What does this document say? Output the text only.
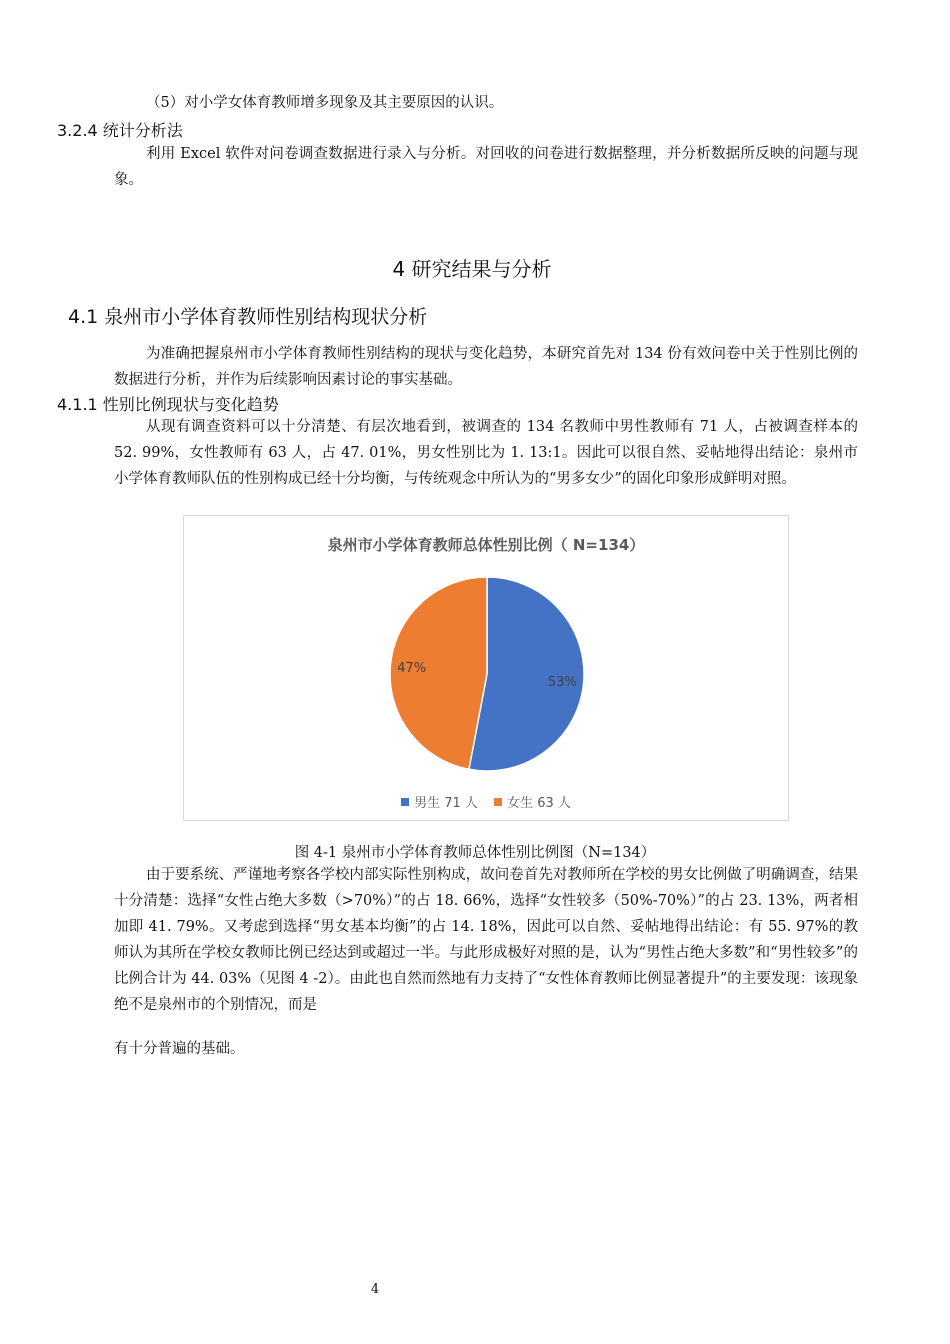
（5）对小学女体育教师增多现象及其主要原因的认识。

3.2.4 统计分析法

利用 Excel 软件对问卷调查数据进行录入与分析。对回收的问卷进行数据整理，并分析数据所反映的问题与现象。

4 研究结果与分析

4.1 泉州市小学体育教师性别结构现状分析

为准确把握泉州市小学体育教师性别结构的现状与变化趋势，本研究首先对 134 份有效问卷中关于性别比例的数据进行分析，并作为后续影响因素讨论的事实基础。

4.1.1 性别比例现状与变化趋势

从现有调查资料可以十分清楚、有层次地看到，被调查的 134 名教师中男性教师有 71 人，占被调查样本的 52. 99%，女性教师有 63 人，占 47. 01%，男女性别比为 1. 13:1。因此可以很自然、妥帖地得出结论：泉州市小学体育教师队伍的性别构成已经十分均衡，与传统观念中所认为的“男多女少”的固化印象形成鲜明对照。

泉州市小学体育教师总体性别比例（ N=134）
53%
47%
男生 71 人 女生 63 人

图 4-1 泉州市小学体育教师总体性别比例图（N=134）

由于要系统、严谨地考察各学校内部实际性别构成，故问卷首先对教师所在学校的男女比例做了明确调查，结果十分清楚：选择“女性占绝大多数（>70%）”的占 18. 66%，选择“女性较多（50%-70%）”的占 23. 13%，两者相加即 41. 79%。又考虑到选择“男女基本均衡”的占 14. 18%，因此可以自然、妥帖地得出结论：有 55. 97%的教师认为其所在学校女教师比例已经达到或超过一半。与此形成极好对照的是，认为“男性占绝大多数”和“男性较多”的比例合计为 44. 03%（见图 4 -2）。由此也自然而然地有力支持了“女性体育教师比例显著提升”的主要发现：该现象绝不是泉州市的个别情况，而是

有十分普遍的基础。

4
